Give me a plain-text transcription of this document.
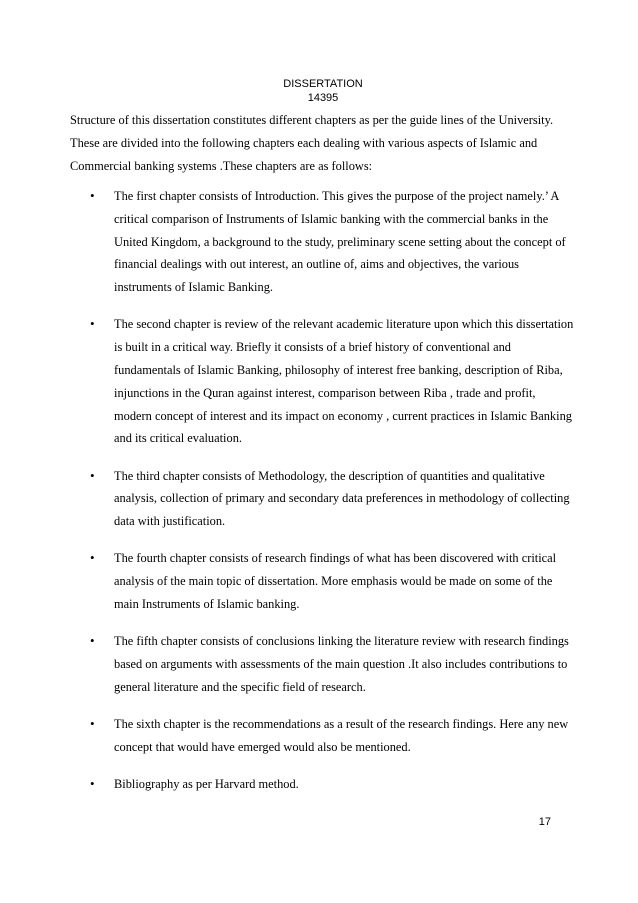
DISSERTATION
14395

Structure of this dissertation constitutes different chapters as per the guide lines of the University. These are divided into the following chapters each dealing with various aspects of Islamic and Commercial banking systems .These chapters are as follows:

• The first chapter consists of Introduction. This gives the purpose of the project namely.’ A critical comparison of Instruments of Islamic banking with the commercial banks in the United Kingdom, a background to the study, preliminary scene setting about the concept of financial dealings with out interest, an outline of, aims and objectives, the various instruments of Islamic Banking.
• The second chapter is review of the relevant academic literature upon which this dissertation is built in a critical way. Briefly it consists of a brief history of conventional and fundamentals of Islamic Banking, philosophy of interest free banking, description of Riba, injunctions in the Quran against interest, comparison between Riba , trade and profit, modern concept of interest and its impact on economy , current practices in Islamic Banking and its critical evaluation.
• The third chapter consists of Methodology, the description of quantities and qualitative analysis, collection of primary and secondary data preferences in methodology of collecting data with justification.
• The fourth chapter consists of research findings of what has been discovered with critical analysis of the main topic of dissertation. More emphasis would be made on some of the main Instruments of Islamic banking.
• The fifth chapter consists of conclusions linking the literature review with research findings based on arguments with assessments of the main question .It also includes contributions to general literature and the specific field of research.
• The sixth chapter is the recommendations as a result of the research findings. Here any new concept that would have emerged would also be mentioned.
• Bibliography as per Harvard method.
17
